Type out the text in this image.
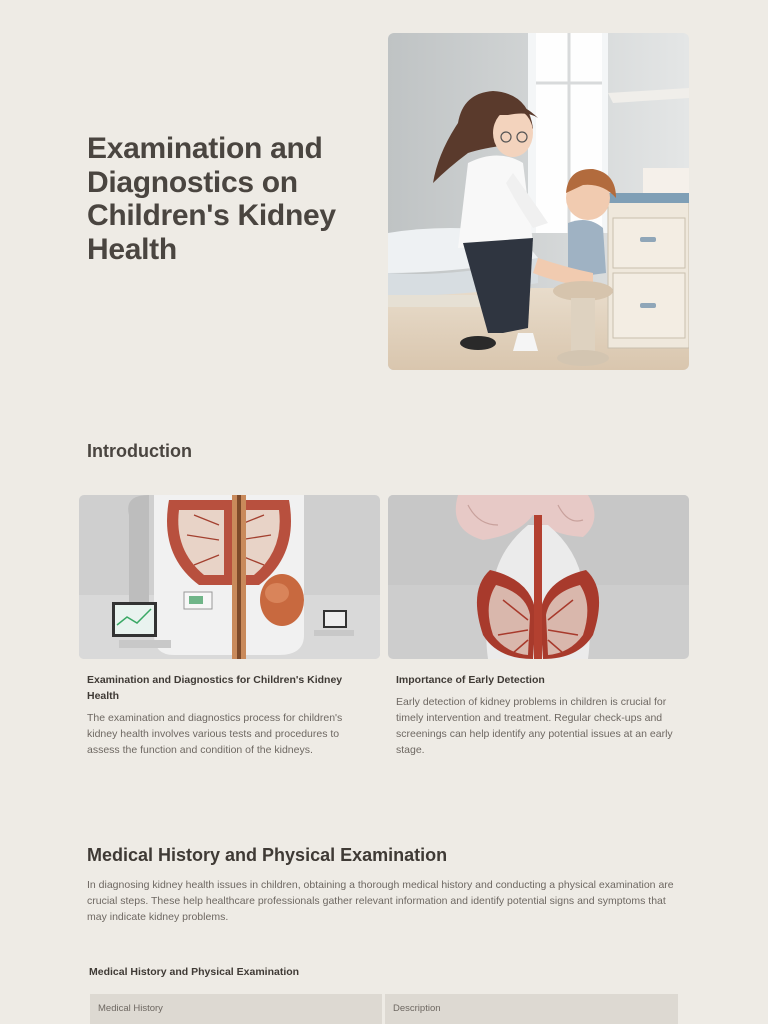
Examination and Diagnostics on Children's Kidney Health
Introduction

Examination and Diagnostics for Children's Kidney Health

The examination and diagnostics process for children's kidney health involves various tests and procedures to assess the function and condition of the kidneys.

Importance of Early Detection

Early detection of kidney problems in children is crucial for timely intervention and treatment. Regular check-ups and screenings can help identify any potential issues at an early stage.

Medical History and Physical Examination

In diagnosing kidney health issues in children, obtaining a thorough medical history and conducting a physical examination are crucial steps. These help healthcare professionals gather relevant information and identify potential signs and symptoms that may indicate kidney problems.

Medical History and Physical Examination

Medical History	Description
